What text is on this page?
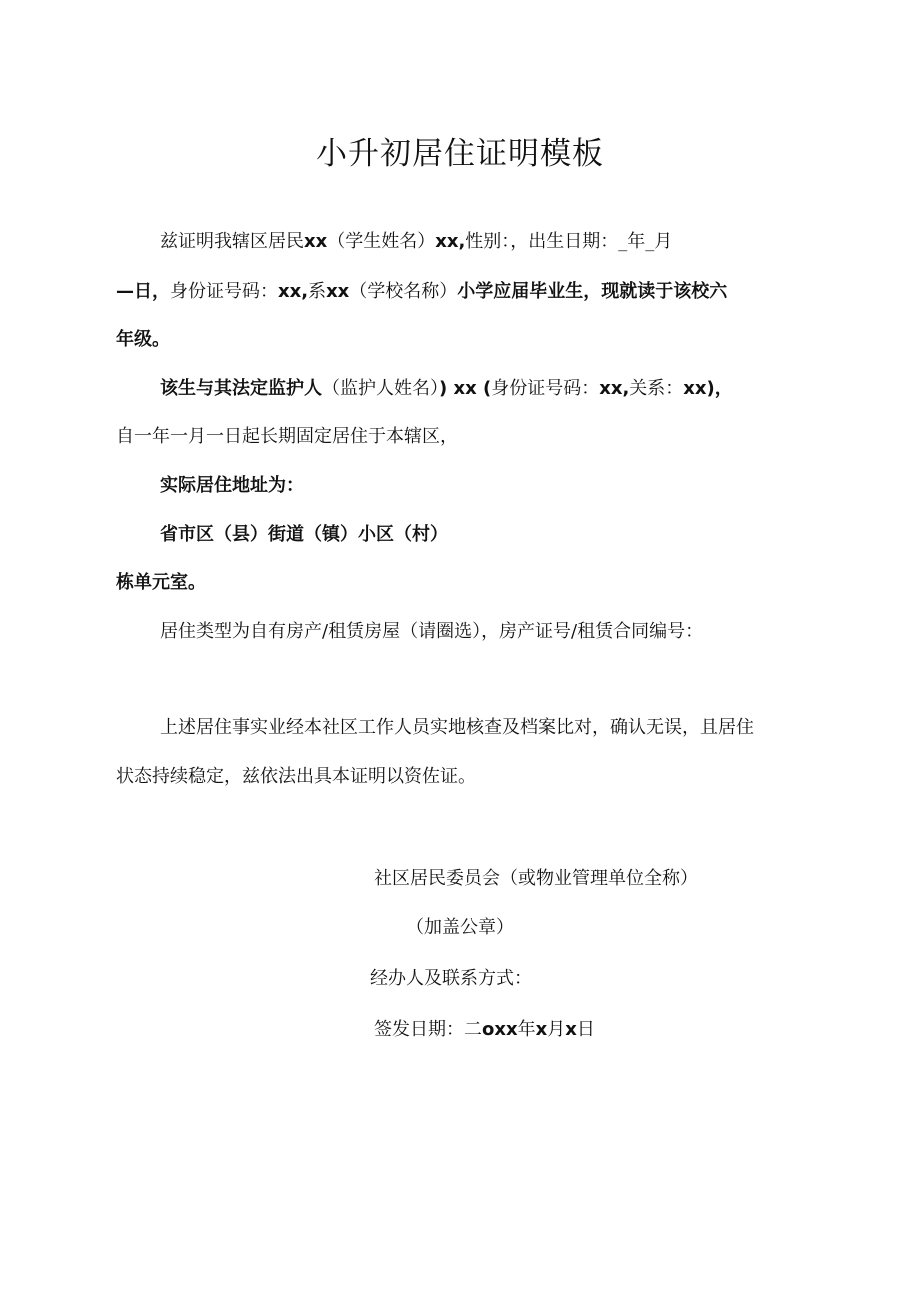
小升初居住证明模板
兹证明我辖区居民xx（学生姓名）xx,性别：，出生日期：_年_月
—日，身份证号码：xx,系xx（学校名称）小学应届毕业生，现就读于该校六
年级。
该生与其法定监护人（监护人姓名）) xx (身份证号码：xx,关系：xx)，
自一年一月一日起长期固定居住于本辖区，
实际居住地址为：
省市区（县）街道（镇）小区（村）
栋单元室。
居住类型为自有房产/租赁房屋（请圈选），房产证号/租赁合同编号：
上述居住事实业经本社区工作人员实地核查及档案比对，确认无误，且居住
状态持续稳定，兹依法出具本证明以资佐证。
社区居民委员会（或物业管理单位全称）
（加盖公章）
经办人及联系方式：
签发日期：二oxx年x月x日
